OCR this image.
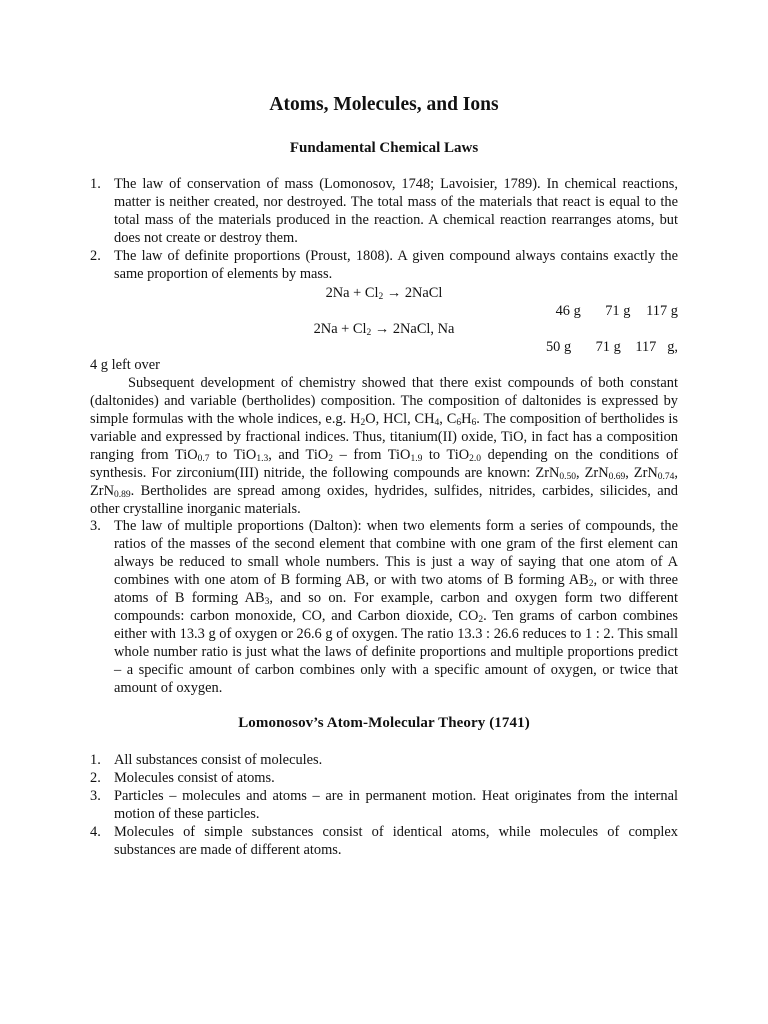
Atoms, Molecules, and Ions
Fundamental Chemical Laws
1. The law of conservation of mass (Lomonosov, 1748; Lavoisier, 1789). In chemical reactions, matter is neither created, nor destroyed. The total mass of the materials that react is equal to the total mass of the materials produced in the reaction. A chemical reaction rearranges atoms, but does not create or destroy them.
2. The law of definite proportions (Proust, 1808). A given compound always contains exactly the same proportion of elements by mass.
$2Na + Cl_2$ → 2NaCl
46 g 71 g 117 g
$2Na + Cl_2$ → 2NaCl, Na
50 g 71 g 117 g,
4 g left over
Subsequent development of chemistry showed that there exist compounds of both constant (daltonides) and variable (bertholides) composition. The composition of daltonides is expressed by simple formulas with the whole indices, e.g. $H_2O$, HCl, $CH_4$, $C_6H_6$. The composition of bertholides is variable and expressed by fractional indices. Thus, titanium(II) oxide, TiO, in fact has a composition ranging from TiO$_{0.7}$ to TiO$_{1.3}$, and TiO$_2$ – from TiO$_{1.9}$ to TiO$_{2.0}$ depending on the conditions of synthesis. For zirconium(III) nitride, the following compounds are known: ZrN$_{0.50}$, ZrN$_{0.69}$, ZrN$_{0.74}$, ZrN$_{0.89}$. Bertholides are spread among oxides, hydrides, sulfides, nitrides, carbides, silicides, and other crystalline inorganic materials.
3. The law of multiple proportions (Dalton): when two elements form a series of compounds, the ratios of the masses of the second element that combine with one gram of the first element can always be reduced to small whole numbers. This is just a way of saying that one atom of A combines with one atom of B forming AB, or with two atoms of B forming $AB_2$, or with three atoms of B forming $AB_3$, and so on. For example, carbon and oxygen form two different compounds: carbon monoxide, CO, and Carbon dioxide, $CO_2$. Ten grams of carbon combines either with 13.3 g of oxygen or 26.6 g of oxygen. The ratio 13.3 : 26.6 reduces to 1 : 2. This small whole number ratio is just what the laws of definite proportions and multiple proportions predict – a specific amount of carbon combines only with a specific amount of oxygen, or twice that amount of oxygen.
Lomonosov’s Atom-Molecular Theory (1741)
1. All substances consist of molecules.
2. Molecules consist of atoms.
3. Particles – molecules and atoms – are in permanent motion. Heat originates from the internal motion of these particles.
4. Molecules of simple substances consist of identical atoms, while molecules of complex substances are made of different atoms.
